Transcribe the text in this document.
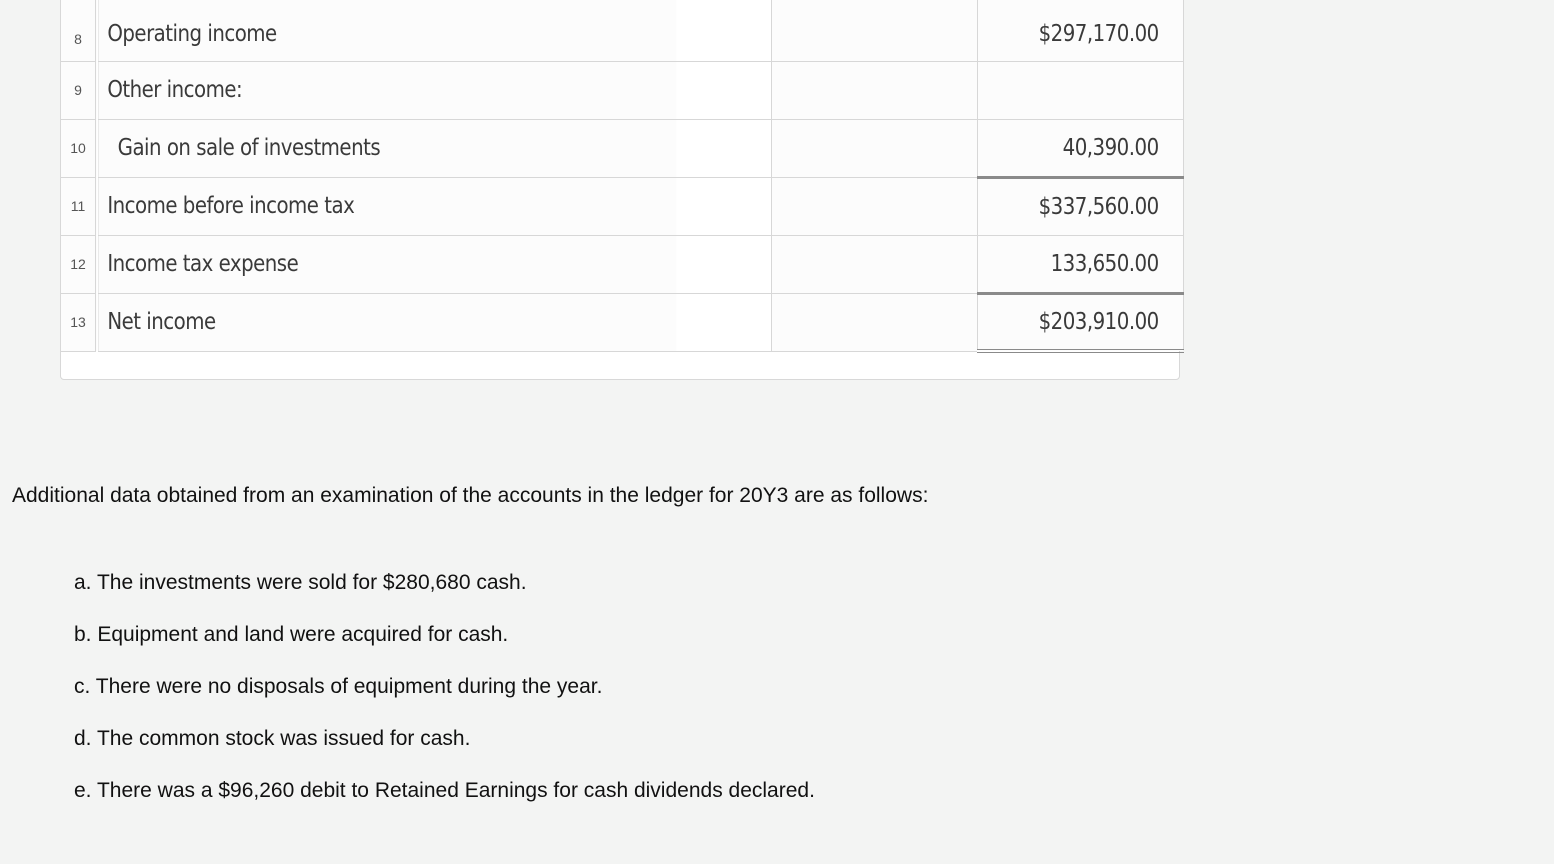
8	Operating income		$297,170.00
9	Other income:		
10	Gain on sale of investments		40,390.00
11	Income before income tax		$337,560.00
12	Income tax expense		133,650.00
13	Net income		$203,910.00

Additional data obtained from an examination of the accounts in the ledger for 20Y3 are as follows:

a. The investments were sold for $280,680 cash.
b. Equipment and land were acquired for cash.
c. There were no disposals of equipment during the year.
d. The common stock was issued for cash.
e. There was a $96,260 debit to Retained Earnings for cash dividends declared.
